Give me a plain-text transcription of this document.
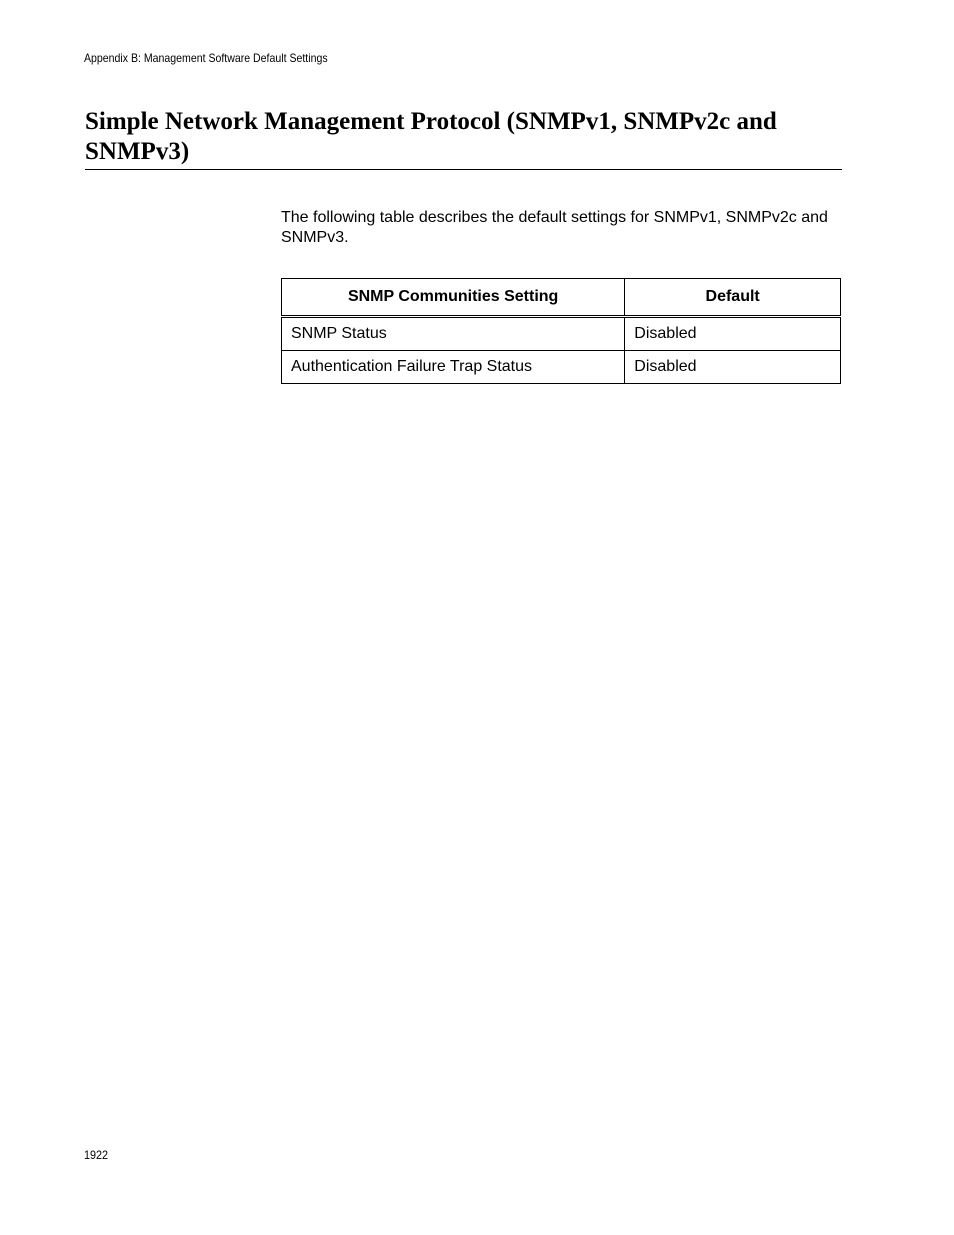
Appendix B: Management Software Default Settings
Simple Network Management Protocol (SNMPv1, SNMPv2c and SNMPv3)

The following table describes the default settings for SNMPv1, SNMPv2c and SNMPv3.

SNMP Communities Setting	Default
SNMP Status	Disabled
Authentication Failure Trap Status	Disabled
1922
